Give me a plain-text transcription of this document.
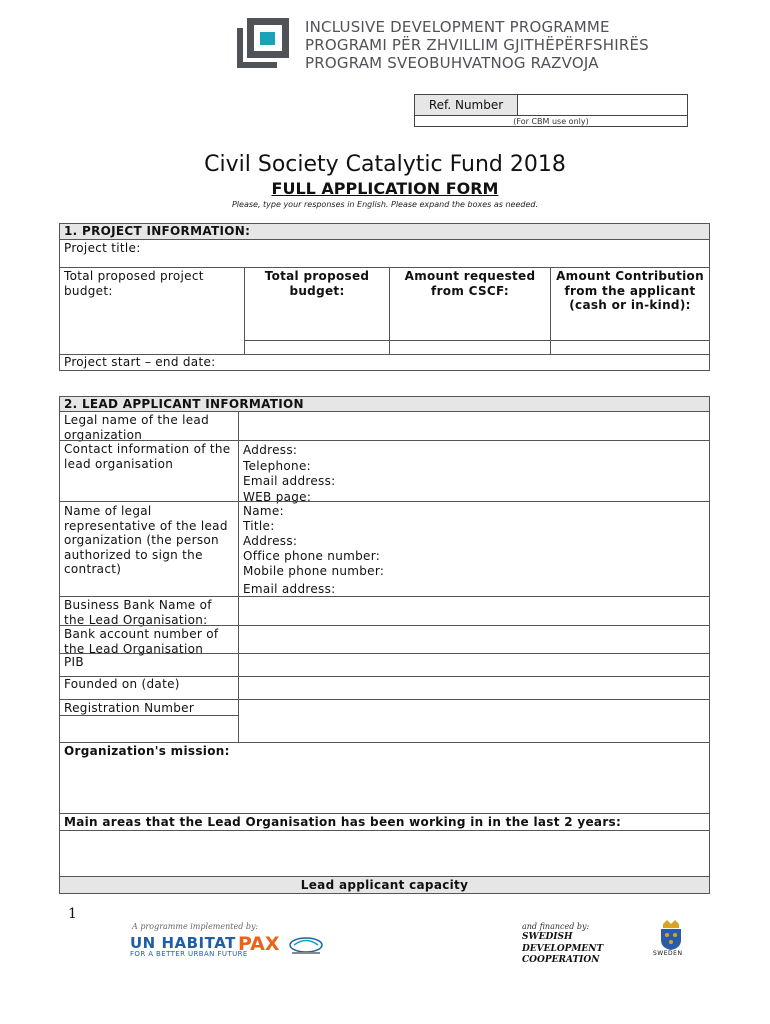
INCLUSIVE DEVELOPMENT PROGRAMME
PROGRAMI PËR ZHVILLIM GJITHËPËRFSHIRËS
PROGRAM SVEOBUHVATNOG RAZVOJA
Ref. Number
(For CBM use only)
Civil Society Catalytic Fund 2018
FULL APPLICATION FORM
Please, type your responses in English. Please expand the boxes as needed.
1. PROJECT INFORMATION:
Project title:
Total proposed project budget:
Total proposed budget:
Amount requested from CSCF:
Amount Contribution from the applicant (cash or in-kind):
Project start – end date:
2. LEAD APPLICANT INFORMATION
Legal name of the lead organization
Contact information of the lead organisation
Address:
Telephone:
Email address:
WEB page:
Name of legal representative of the lead organization (the person authorized to sign the contract)
Name:
Title:
Address:
Office phone number:
Mobile phone number:
Email address:
Business Bank Name of the Lead Organisation:
Bank account number of the Lead Organisation
PIB
Founded on (date)
Registration Number
Organization's mission:
Main areas that the Lead Organisation has been working in in the last 2 years:
Lead applicant capacity
1
A programme implemented by:
UN HABITAT
FOR A BETTER URBAN FUTURE
PAX
and financed by:
SWEDISH
DEVELOPMENT
COOPERATION
SWEDEN
